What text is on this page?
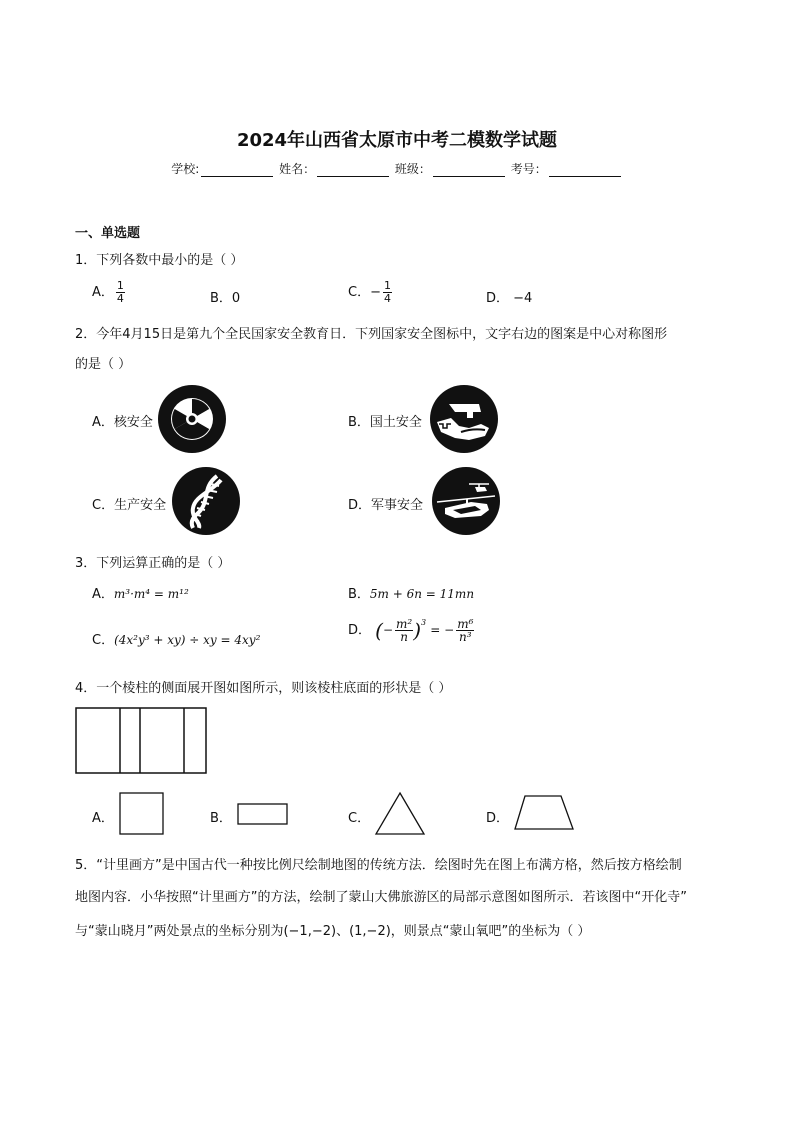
2024年山西省太原市中考二模数学试题
学校:	姓名：	班级：	考号：
一、单选题
1．下列各数中最小的是（ ）
A． $\frac{1}{4}$	B．0	C．− $\frac{1}{4}$	D． −4
2．今年4月15日是第九个全民国家安全教育日．下列国家安全图标中，文字右边的图案是中心对称图形
的是（ ）
A．核安全	B．国土安全
C．生产安全	D．军事安全
3．下列运算正确的是（ ）
A．m³·m⁴ = m¹²	B．5m + 6n = 11mn
C．(4x²y³ + xy) ÷ xy = 4xy²
D． (− $\frac{\text{m²}}{n} )^3$ = − $\frac{\text{m⁶}}{\text{n³}}$
4．一个棱柱的侧面展开图如图所示，则该棱柱底面的形状是（ ）
A．	B．	C．	D．
5．“计里画方”是中国古代一种按比例尺绘制地图的传统方法．绘图时先在图上布满方格，然后按方格绘制
地图内容．小华按照“计里画方”的方法，绘制了蒙山大佛旅游区的局部示意图如图所示．若该图中“开化寺”
与“蒙山晓月”两处景点的坐标分别为(−1,−2)、(1,−2)，则景点“蒙山氧吧”的坐标为（ ）
